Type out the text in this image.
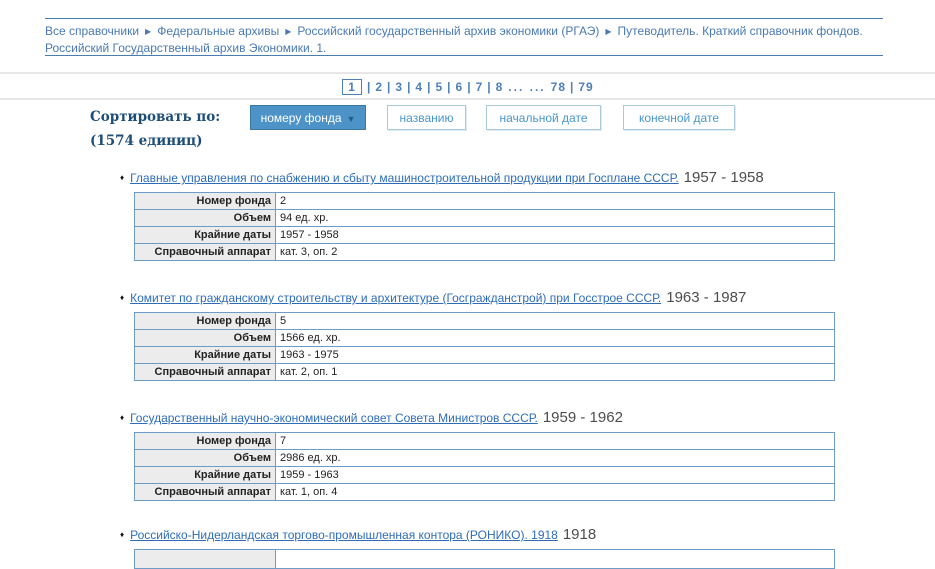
Все справочники ▶ Федеральные архивы ▶ Российский государственный архив экономики (РГАЭ) ▶ Путеводитель. Краткий справочник фондов. Российский Государственный архив Экономики. 1.
1 | 2 | 3 | 4 | 5 | 6 | 7 | 8 ... ... 78 | 79
Сортировать по:	номеру фонда ▼	названию	начальной дате	конечной дате
(1574 единиц)
♦ Главные управления по снабжению и сбыту машиностроительной продукции при Госплане СССР. 1957 - 1958
Номер фонда	2
Объем	94 ед. хр.
Крайние даты	1957 - 1958
Справочный аппарат	кат. 3, оп. 2
♦ Комитет по гражданскому строительству и архитектуре (Госгражданстрой) при Госстрое СССР. 1963 - 1987
Номер фонда	5
Объем	1566 ед. хр.
Крайние даты	1963 - 1975
Справочный аппарат	кат. 2, оп. 1
♦ Государственный научно-экономический совет Совета Министров СССР. 1959 - 1962
Номер фонда	7
Объем	2986 ед. хр.
Крайние даты	1959 - 1963
Справочный аппарат	кат. 1, оп. 4
♦ Российско-Нидерландская торгово-промышленная контора (РОНИКО). 1918 1918
